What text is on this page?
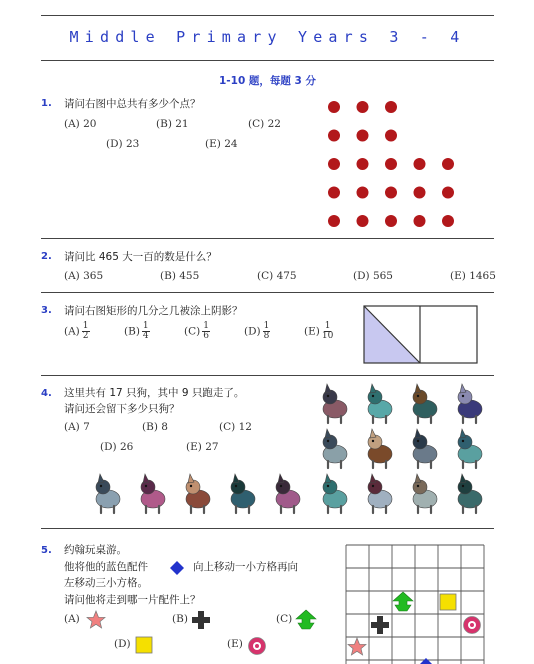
Middle Primary Years 3 - 4
1-10 题，每题 3 分
1. 请问右图中总共有多少个点？
(A) 20	(B) 21	(C) 22
(D) 23	(E) 24
2. 请问比 465 大一百的数是什么？
(A) 365	(B) 455	(C) 475	(D) 565	(E) 1465
3. 请问右图矩形的几分之几被涂上阴影？
$(A) \frac{1}{2}$	$(B) \frac{1}{4}$	$(C) \frac{1}{6}$	$(D) \frac{1}{8}$	$(E) \frac{1}{10}$
4. 这里共有 17 只狗，其中 9 只跑走了。
请问还会留下多少只狗？
(A) 7	(B) 8	(C) 12
(D) 26	(E) 27
5. 约翰玩桌游。
他将他的蓝色配件	向上移动一小方格再向
左移动三小方格。
请问他将走到哪一片配件上？
(A)	(B)	(C)
(D)	(E)
